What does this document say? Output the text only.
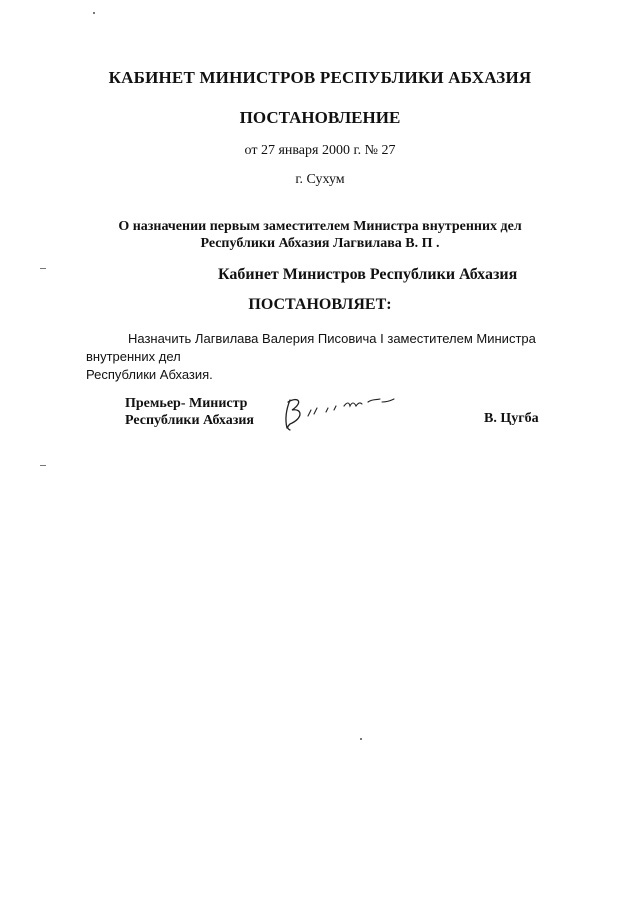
КАБИНЕТ МИНИСТРОВ РЕСПУБЛИКИ АБХАЗИЯ
ПОСТАНОВЛЕНИЕ
от 27 января 2000 г. № 27
г. Сухум
О назначении первым заместителем Министра внутренних дел
Республики Абхазия Лагвилава В. П .
Кабинет Министров Республики Абхазия
ПОСТАНОВЛЯЕТ:
Назначить Лагвилава Валерия Писовича I заместителем Министра внутренних дел
Республики Абхазия.
Премьер- Министр
Республики Абхазия	В. Цугба
